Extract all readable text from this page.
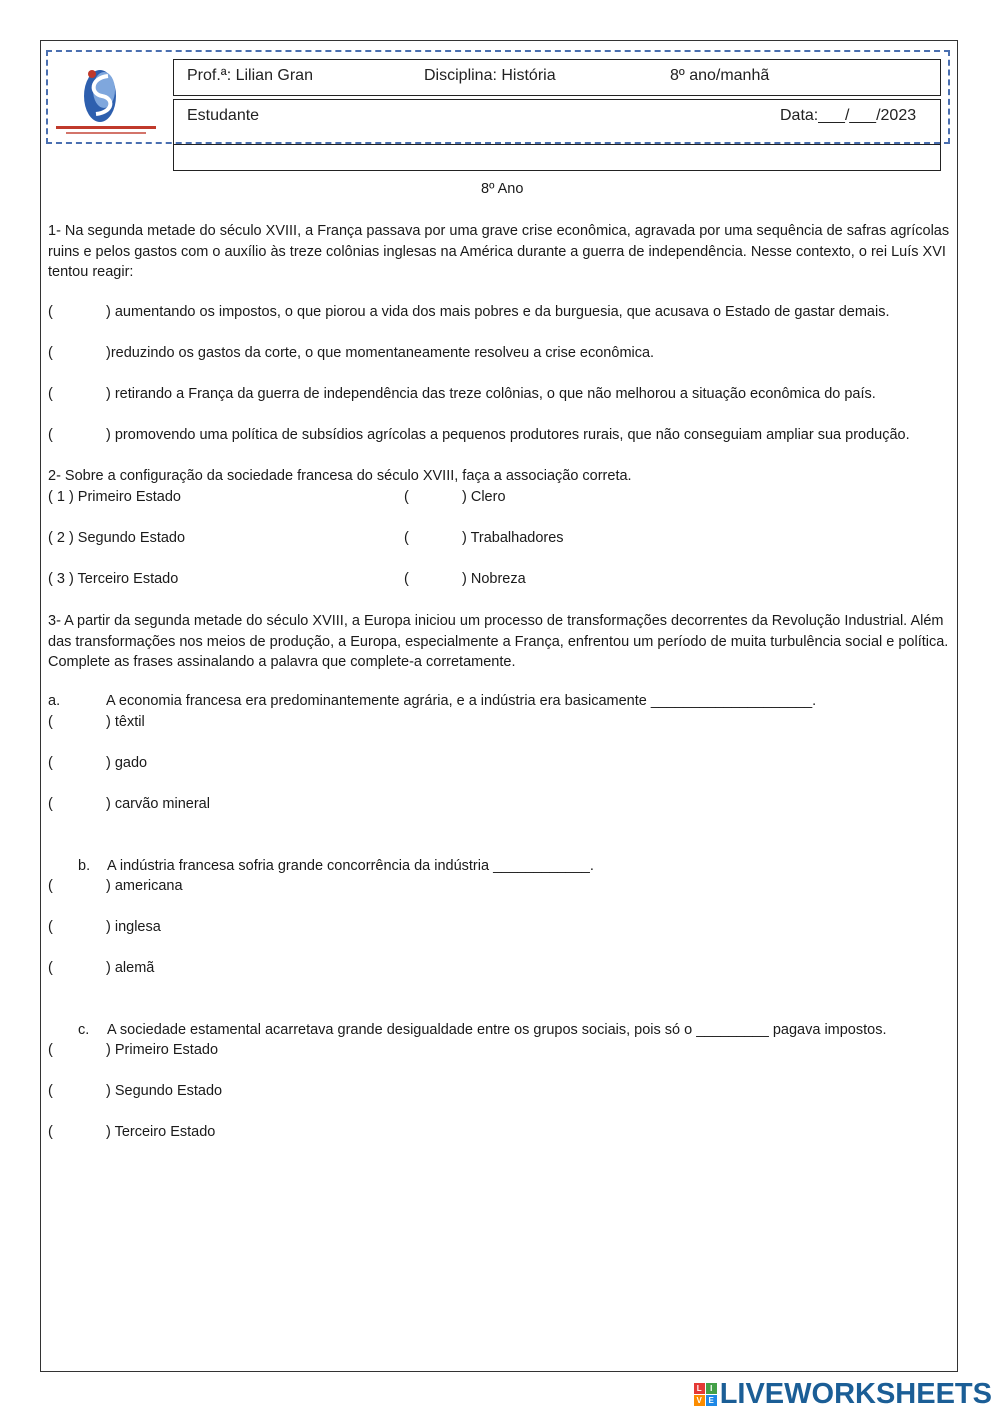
Prof.ª: Lilian Gran	Disciplina: História	8º ano/manhã
Estudante	Data:___/___/2023
8º Ano
1- Na segunda metade do século XVIII, a França passava por uma grave crise econômica, agravada por uma sequência de safras agrícolas ruins e pelos gastos com o auxílio às treze colônias inglesas na América durante a guerra de independência. Nesse contexto, o rei Luís XVI tentou reagir:
(	) aumentando os impostos, o que piorou a vida dos mais pobres e da burguesia, que acusava o Estado de gastar demais.
(	)reduzindo os gastos da corte, o que momentaneamente resolveu a crise econômica.
(	) retirando a França da guerra de independência das treze colônias, o que não melhorou a situação econômica do país.
(	) promovendo uma política de subsídios agrícolas a pequenos produtores rurais, que não conseguiam ampliar sua produção.
2- Sobre a configuração da sociedade francesa do século XVIII, faça a associação correta.
( 1 ) Primeiro Estado	(	) Clero
( 2 ) Segundo Estado	(	) Trabalhadores
( 3 ) Terceiro Estado	(	) Nobreza
3- A partir da segunda metade do século XVIII, a Europa iniciou um processo de transformações decorrentes da Revolução Industrial. Além das transformações nos meios de produção, a Europa, especialmente a França, enfrentou um período de muita turbulência social e política. Complete as frases assinalando a palavra que complete-a corretamente.
a.	A economia francesa era predominantemente agrária, e a indústria era basicamente ____________________.
(	) têxtil
(	) gado
(	) carvão mineral
b. A indústria francesa sofria grande concorrência da indústria ____________.
(	) americana
(	) inglesa
(	) alemã
c. A sociedade estamental acarretava grande desigualdade entre os grupos sociais, pois só o _________ pagava impostos.
(	) Primeiro Estado
(	) Segundo Estado
(	) Terceiro Estado
L	I
V E LIVEWORKSHEETS
